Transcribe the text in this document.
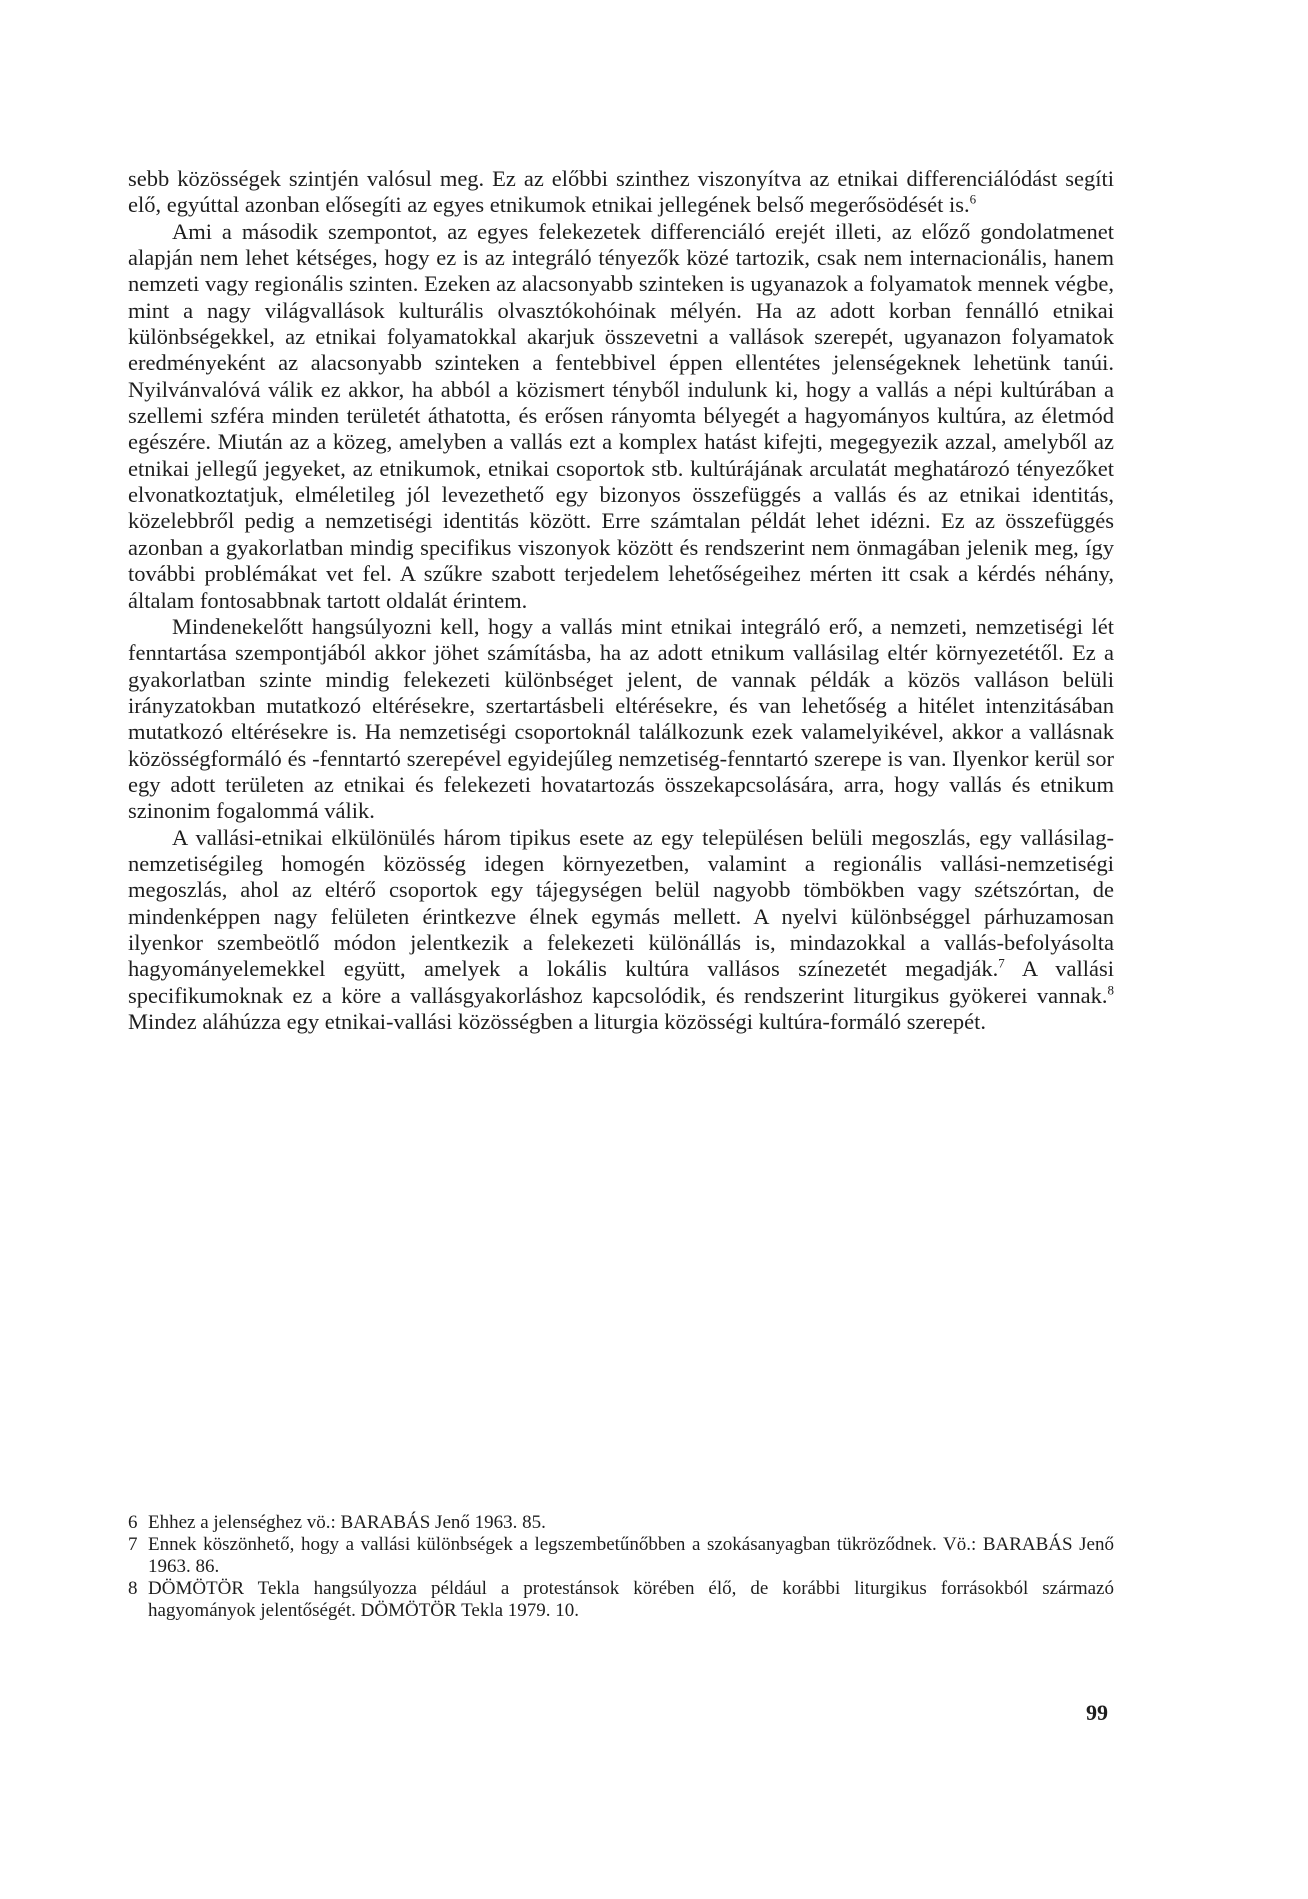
sebb közösségek szintjén valósul meg. Ez az előbbi szinthez viszonyítva az etnikai differenciálódást segíti elő, egyúttal azonban elősegíti az egyes etnikumok etnikai jellegének belső megerősödését is.$^6$

Ami a második szempontot, az egyes felekezetek differenciáló erejét illeti, az előző gondolatmenet alapján nem lehet kétséges, hogy ez is az integráló tényezők közé tartozik, csak nem internacionális, hanem nemzeti vagy regionális szinten. Ezeken az alacsonyabb szinteken is ugyanazok a folyamatok mennek végbe, mint a nagy világvallások kulturális olvasztókohóinak mélyén. Ha az adott korban fennálló etnikai különbségekkel, az etnikai folyamatokkal akarjuk összevetni a vallások szerepét, ugyanazon folyamatok eredményeként az alacsonyabb szinteken a fentebbivel éppen ellentétes jelenségeknek lehetünk tanúi. Nyilvánvalóvá válik ez akkor, ha abból a közismert tényből indulunk ki, hogy a vallás a népi kultúrában a szellemi szféra minden területét áthatotta, és erősen rányomta bélyegét a hagyományos kultúra, az életmód egészére. Miután az a közeg, amelyben a vallás ezt a komplex hatást kifejti, megegyezik azzal, amelyből az etnikai jellegű jegyeket, az etnikumok, etnikai csoportok stb. kultúrájának arculatát meghatározó tényezőket elvonatkoztatjuk, elméletileg jól levezethető egy bizonyos összefüggés a vallás és az etnikai identitás, közelebbről pedig a nemzetiségi identitás között. Erre számtalan példát lehet idézni. Ez az összefüggés azonban a gyakorlatban mindig specifikus viszonyok között és rendszerint nem önmagában jelenik meg, így további problémákat vet fel. A szűkre szabott terjedelem lehetőségeihez mérten itt csak a kérdés néhány, általam fontosabbnak tartott oldalát érintem.

Mindenekelőtt hangsúlyozni kell, hogy a vallás mint etnikai integráló erő, a nemzeti, nemzetiségi lét fenntartása szempontjából akkor jöhet számításba, ha az adott etnikum vallásilag eltér környezetétől. Ez a gyakorlatban szinte mindig felekezeti különbséget jelent, de vannak példák a közös valláson belüli irányzatokban mutatkozó eltérésekre, szertartásbeli eltérésekre, és van lehetőség a hitélet intenzitásában mutatkozó eltérésekre is. Ha nemzetiségi csoportoknál találkozunk ezek valamelyikével, akkor a vallásnak közösségformáló és -fenntartó szerepével egyidejűleg nemzetiség-fenntartó szerepe is van. Ilyenkor kerül sor egy adott területen az etnikai és felekezeti hovatartozás összekapcsolására, arra, hogy vallás és etnikum szinonim fogalommá válik.

A vallási-etnikai elkülönülés három tipikus esete az egy településen belüli megoszlás, egy vallásilag-nemzetiségileg homogén közösség idegen környezetben, valamint a regionális vallási-nemzetiségi megoszlás, ahol az eltérő csoportok egy tájegységen belül nagyobb tömbökben vagy szétszórtan, de mindenképpen nagy felületen érintkezve élnek egymás mellett. A nyelvi különbséggel párhuzamosan ilyenkor szembeötlő módon jelentkezik a felekezeti különállás is, mindazokkal a vallás-befolyásolta hagyományelemekkel együtt, amelyek a lokális kultúra vallásos színezetét megadják.$^7$ A vallási specifikumoknak ez a köre a vallásgyakorláshoz kapcsolódik, és rendszerint liturgikus gyökerei vannak.$^8$ Mindez aláhúzza egy etnikai-vallási közösségben a liturgia közösségi kultúra-formáló szerepét.

6 Ehhez a jelenséghez vö.: BARABÁS Jenő 1963. 85.
7 Ennek köszönhető, hogy a vallási különbségek a legszembetűnőbben a szokásanyagban tükröződnek. Vö.: BARABÁS Jenő 1963. 86.
8 DÖMÖTÖR Tekla hangsúlyozza például a protestánsok körében élő, de korábbi liturgikus forrásokból származó hagyományok jelentőségét. DÖMÖTÖR Tekla 1979. 10.
99
